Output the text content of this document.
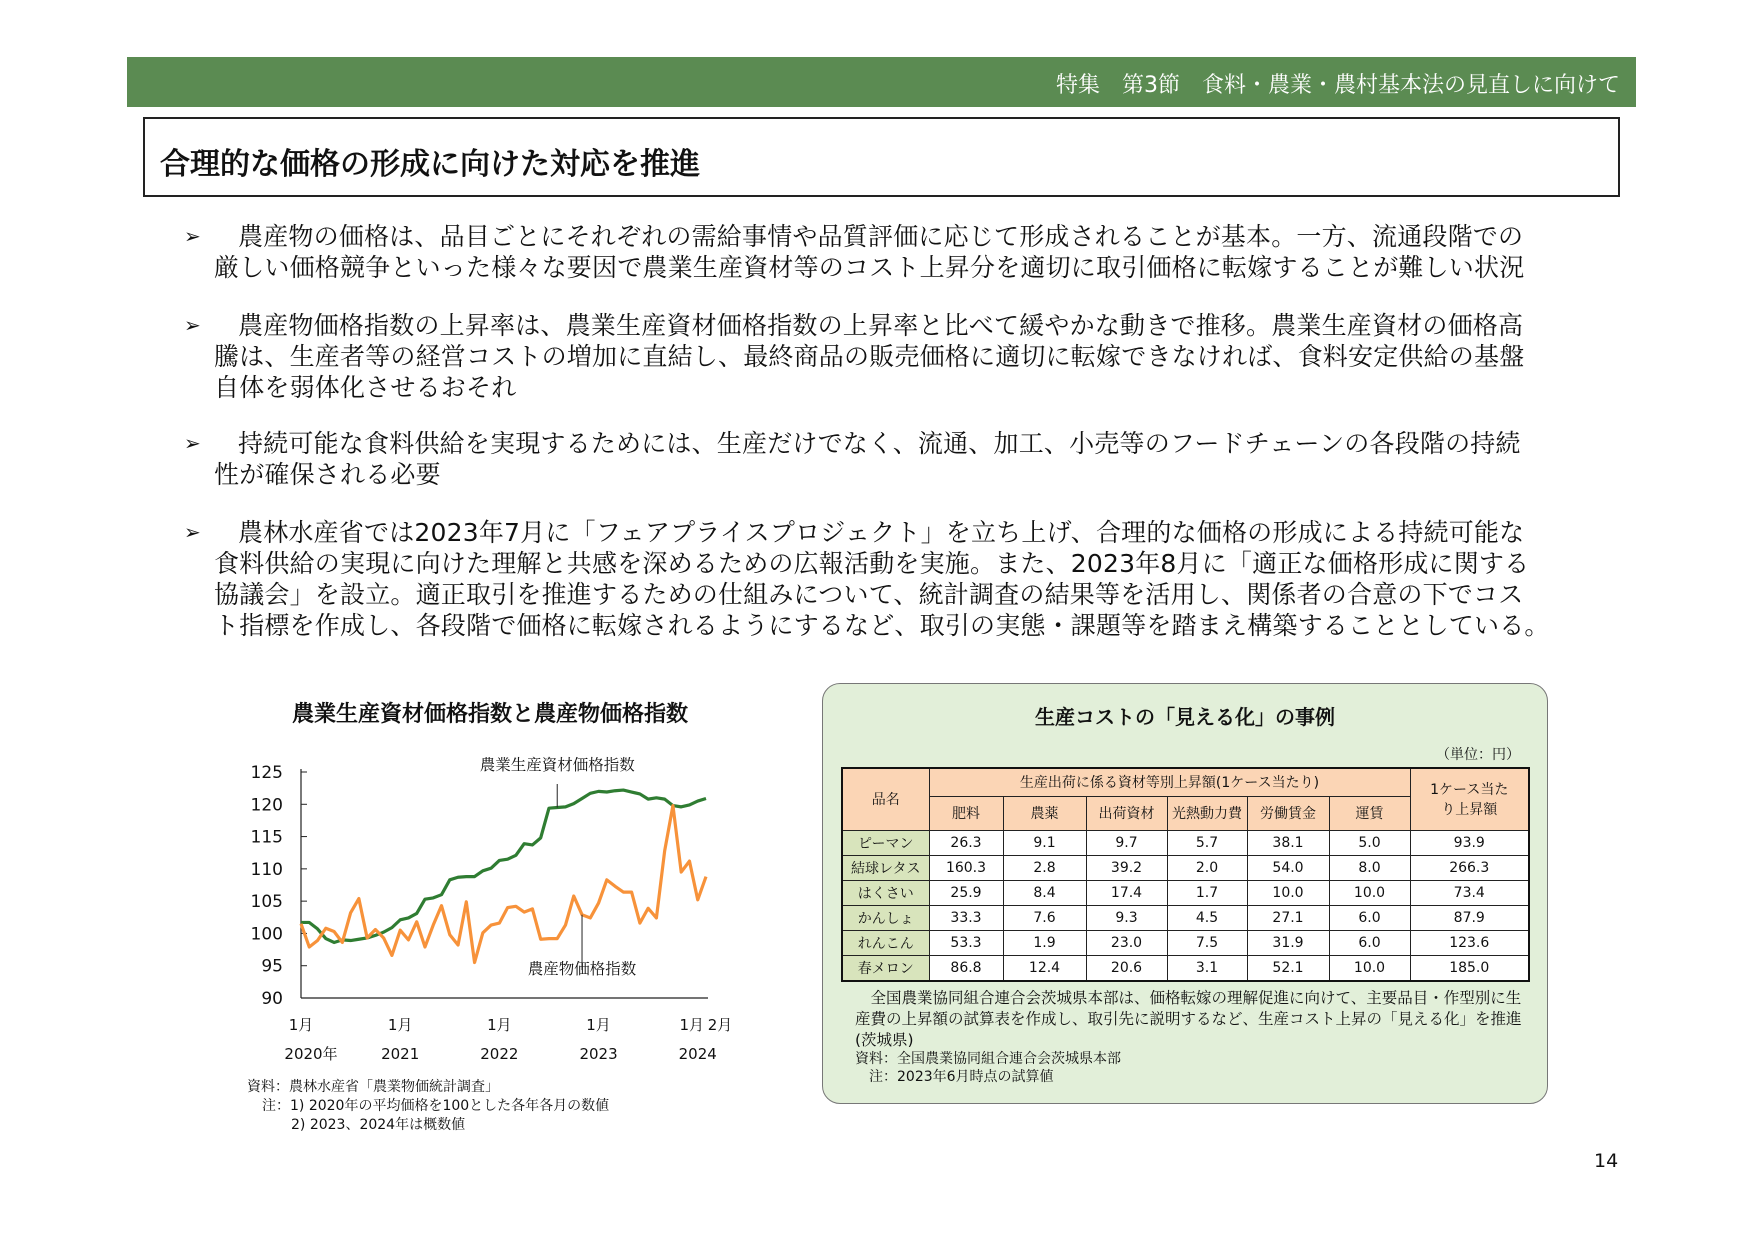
特集　第3節　食料・農業・農村基本法の見直しに向けて
合理的な価格の形成に向けた対応を推進
➢	農産物の価格は、品目ごとにそれぞれの需給事情や品質評価に応じて形成されることが基本。一方、流通段階での
厳しい価格競争といった様々な要因で農業生産資材等のコスト上昇分を適切に取引価格に転嫁することが難しい状況
➢	農産物価格指数の上昇率は、農業生産資材価格指数の上昇率と比べて緩やかな動きで推移。農業生産資材の価格高
騰は、生産者等の経営コストの増加に直結し、最終商品の販売価格に適切に転嫁できなければ、食料安定供給の基盤
自体を弱体化させるおそれ
➢	持続可能な食料供給を実現するためには、生産だけでなく、流通、加工、小売等のフードチェーンの各段階の持続
性が確保される必要
➢	農林水産省では2023年7月に「フェアプライスプロジェクト」を立ち上げ、合理的な価格の形成による持続可能な
食料供給の実現に向けた理解と共感を深めるための広報活動を実施。また、2023年8月に「適正な価格形成に関する
協議会」を設立。適正取引を推進するための仕組みについて、統計調査の結果等を活用し、関係者の合意の下でコス
ト指標を作成し、各段階で価格に転嫁されるようにするなど、取引の実態・課題等を踏まえ構築することとしている。
農業生産資材価格指数と農産物価格指数
125
120
115
110
105
100
95
90
1月	1月	1月	1月	1月 2月
2020年	2021	2022	2023	2024
農業生産資材価格指数
農産物価格指数
資料：農林水産省「農業物価統計調査」
注：1) 2020年の平均価格を100とした各年各月の数値
2) 2023、2024年は概数値
生産コストの「見える化」の事例
（単位：円）
品名	生産出荷に係る資材等別上昇額(1ケース当たり)						1ケース当たり上昇額
	肥料	農薬	出荷資材	光熱動力費	労働賃金	運賃	
ピーマン	26.3	9.1	9.7	5.7	38.1	5.0	93.9
結球レタス	160.3	2.8	39.2	2.0	54.0	8.0	266.3
はくさい	25.9	8.4	17.4	1.7	10.0	10.0	73.4
かんしょ	33.3	7.6	9.3	4.5	27.1	6.0	87.9
れんこん	53.3	1.9	23.0	7.5	31.9	6.0	123.6
春メロン	86.8	12.4	20.6	3.1	52.1	10.0	185.0
　全国農業協同組合連合会茨城県本部は、価格転嫁の理解促進に向けて、主要品目・作型別に生産費の上昇額の試算表を作成し、取引先に説明するなど、生産コスト上昇の「見える化」を推進(茨城県)
資料：全国農業協同組合連合会茨城県本部
　注：2023年6月時点の試算値
14
